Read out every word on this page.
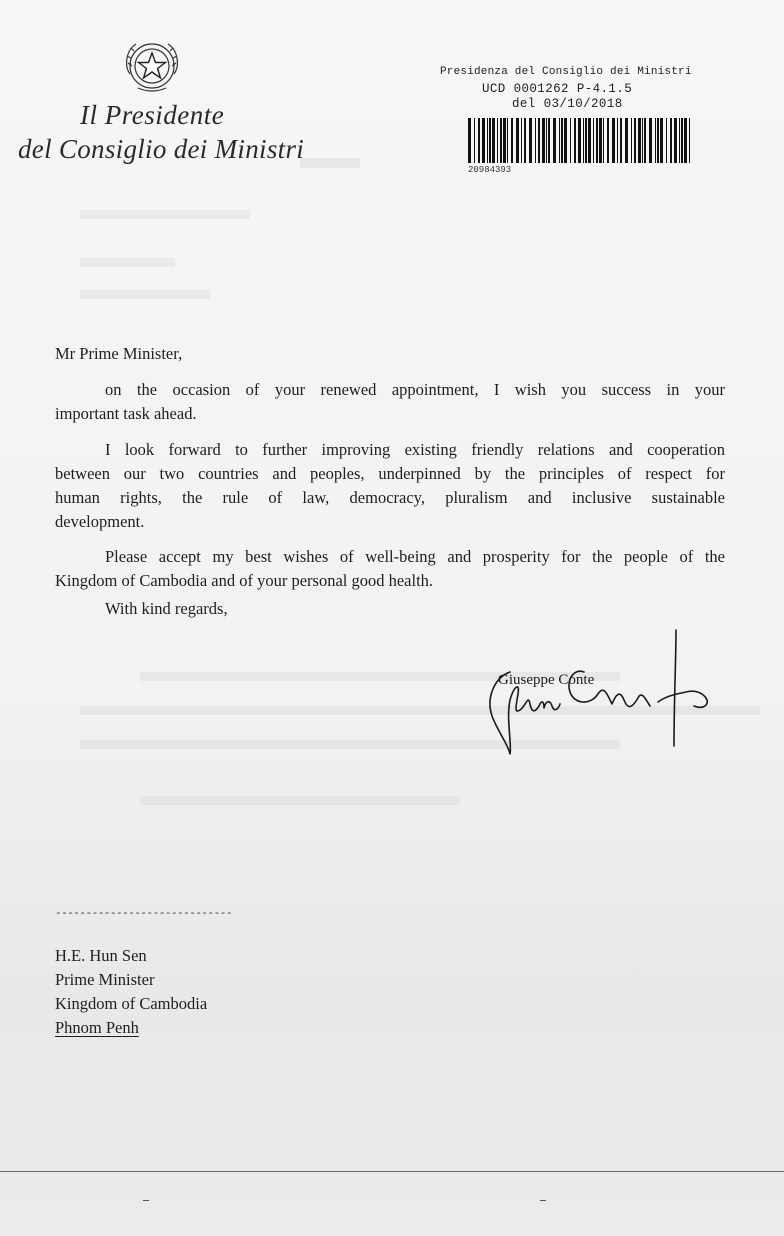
Il Presidente
del Consiglio dei Ministri
Presidenza del Consiglio dei Ministri
UCD 0001262 P-4.1.5
del 03/10/2018
20984393
Mr Prime Minister,
on the occasion of your renewed appointment, I wish you success in your
important task ahead.
I look forward to further improving existing friendly relations and cooperation
between our two countries and peoples, underpinned by the principles of respect for
human rights, the rule of law, democracy, pluralism and inclusive sustainable
development.
Please accept my best wishes of well-being and prosperity for the people of the
Kingdom of Cambodia and of your personal good health.
With kind regards,
Giuseppe Conte
-----------------------------
H.E. Hun Sen
Prime Minister
Kingdom of Cambodia
Phnom Penh
